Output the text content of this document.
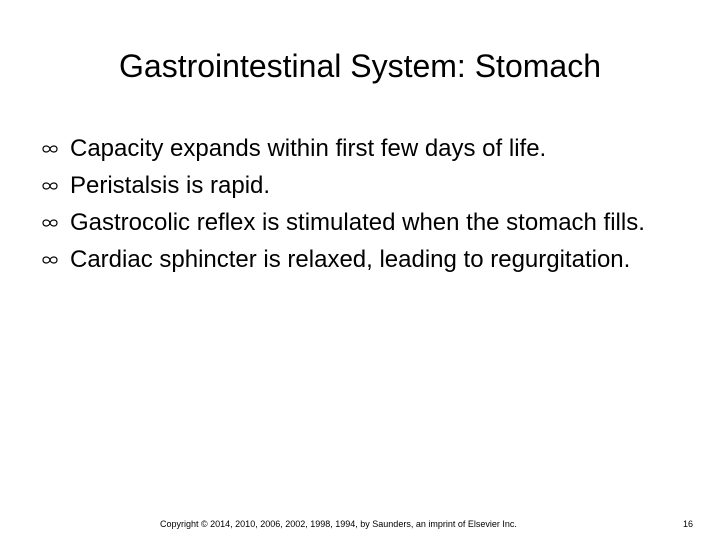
Gastrointestinal System: Stomach
Capacity expands within first few days of life.
Peristalsis is rapid.
Gastrocolic reflex is stimulated when the stomach fills.
Cardiac sphincter is relaxed, leading to regurgitation.
Copyright © 2014, 2010, 2006, 2002, 1998, 1994, by Saunders, an imprint of Elsevier Inc.	16
